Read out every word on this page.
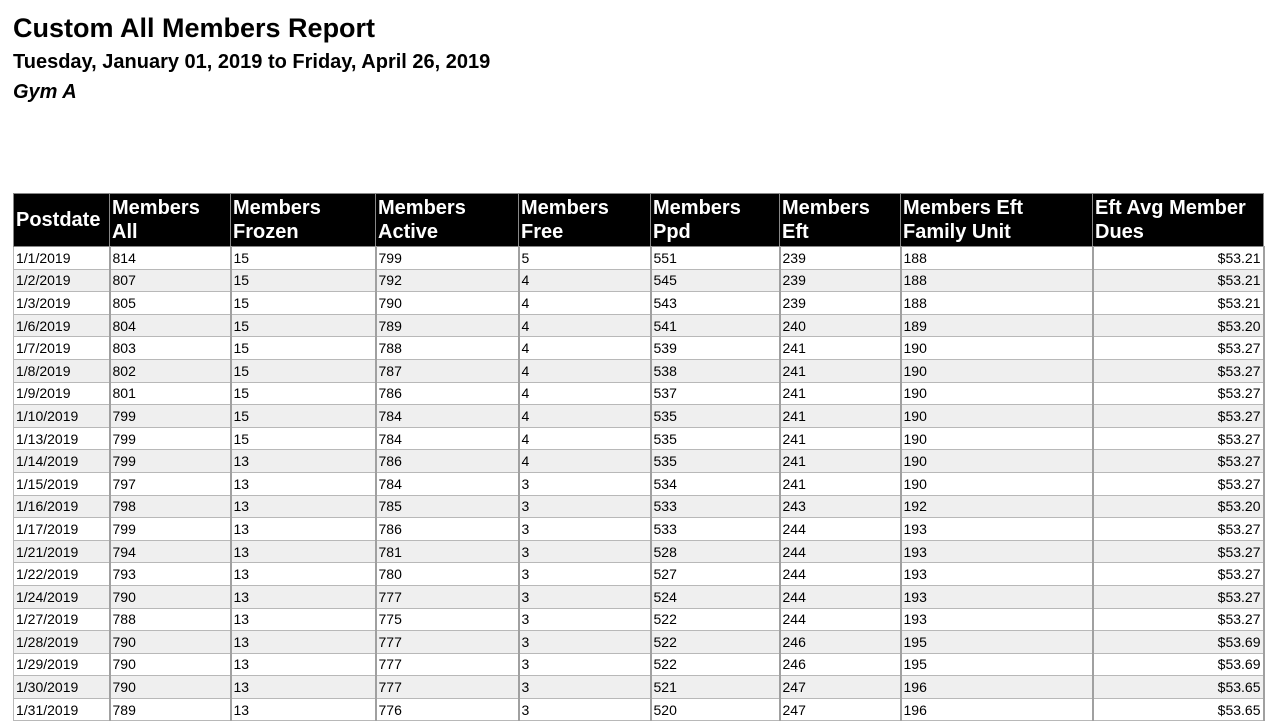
Custom All Members Report
Tuesday, January 01, 2019 to Friday, April 26, 2019
Gym A
Postdate	Members All	Members Frozen	Members Active	Members Free	Members Ppd	Members Eft	Members Eft Family Unit	Eft Avg Member Dues
1/1/2019	814	15	799	5	551	239	188	$53.21
1/2/2019	807	15	792	4	545	239	188	$53.21
1/3/2019	805	15	790	4	543	239	188	$53.21
1/6/2019	804	15	789	4	541	240	189	$53.20
1/7/2019	803	15	788	4	539	241	190	$53.27
1/8/2019	802	15	787	4	538	241	190	$53.27
1/9/2019	801	15	786	4	537	241	190	$53.27
1/10/2019	799	15	784	4	535	241	190	$53.27
1/13/2019	799	15	784	4	535	241	190	$53.27
1/14/2019	799	13	786	4	535	241	190	$53.27
1/15/2019	797	13	784	3	534	241	190	$53.27
1/16/2019	798	13	785	3	533	243	192	$53.20
1/17/2019	799	13	786	3	533	244	193	$53.27
1/21/2019	794	13	781	3	528	244	193	$53.27
1/22/2019	793	13	780	3	527	244	193	$53.27
1/24/2019	790	13	777	3	524	244	193	$53.27
1/27/2019	788	13	775	3	522	244	193	$53.27
1/28/2019	790	13	777	3	522	246	195	$53.69
1/29/2019	790	13	777	3	522	246	195	$53.69
1/30/2019	790	13	777	3	521	247	196	$53.65
1/31/2019	789	13	776	3	520	247	196	$53.65
